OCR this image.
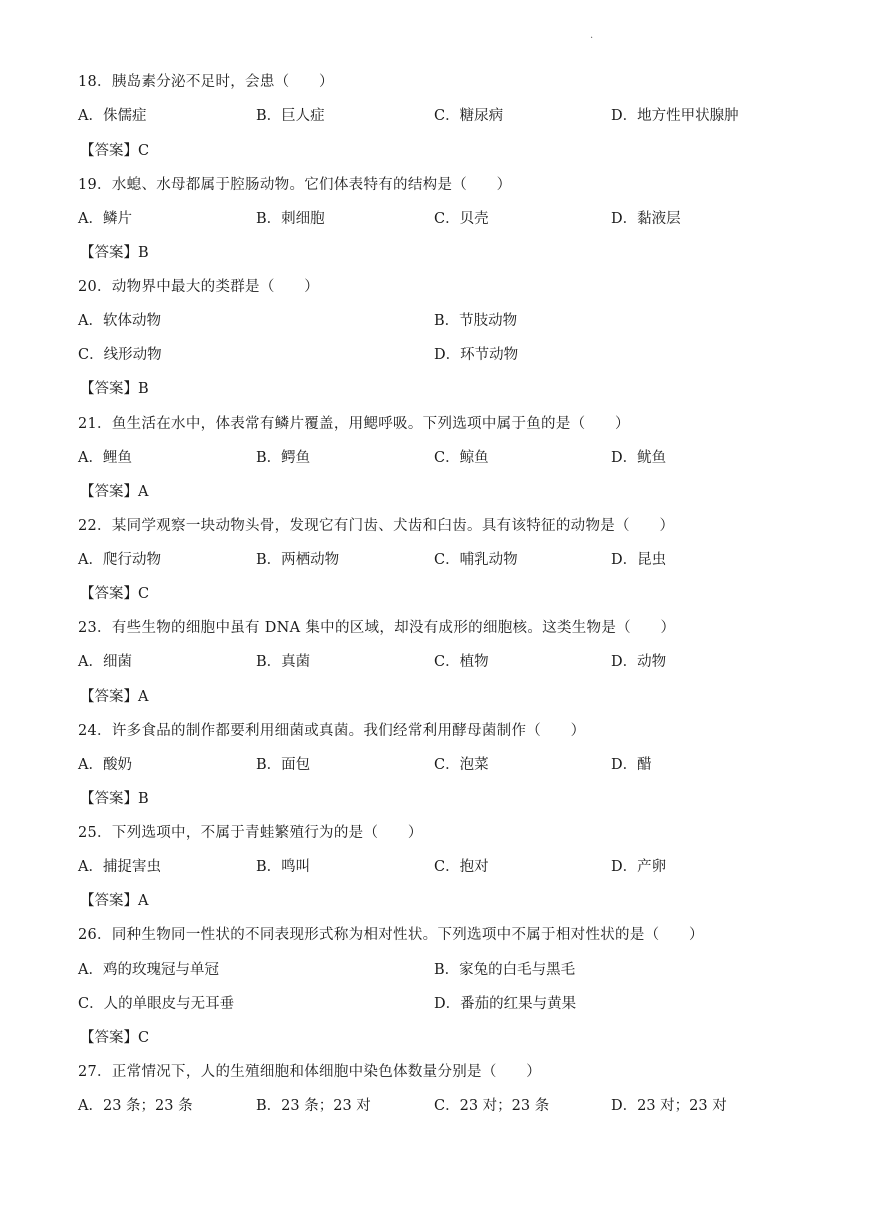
.
18．胰岛素分泌不足时，会患（　　）
A．侏儒症	B．巨人症	C．糖尿病	D．地方性甲状腺肿
【答案】C
19．水螅、水母都属于腔肠动物。它们体表特有的结构是（　　）
A．鳞片	B．刺细胞	C．贝壳	D．黏液层
【答案】B
20．动物界中最大的类群是（　　）
A．软体动物	B．节肢动物
C．线形动物	D．环节动物
【答案】B
21．鱼生活在水中，体表常有鳞片覆盖，用鳃呼吸。下列选项中属于鱼的是（　　）
A．鲤鱼	B．鳄鱼	C．鲸鱼	D．鱿鱼
【答案】A
22．某同学观察一块动物头骨，发现它有门齿、犬齿和臼齿。具有该特征的动物是（　　）
A．爬行动物	B．两栖动物	C．哺乳动物	D．昆虫
【答案】C
23．有些生物的细胞中虽有 DNA 集中的区域，却没有成形的细胞核。这类生物是（　　）
A．细菌	B．真菌	C．植物	D．动物
【答案】A
24．许多食品的制作都要利用细菌或真菌。我们经常利用酵母菌制作（　　）
A．酸奶	B．面包	C．泡菜	D．醋
【答案】B
25．下列选项中，不属于青蛙繁殖行为的是（　　）
A．捕捉害虫	B．鸣叫	C．抱对	D．产卵
【答案】A
26．同种生物同一性状的不同表现形式称为相对性状。下列选项中不属于相对性状的是（　　）
A．鸡的玫瑰冠与单冠	B．家兔的白毛与黑毛
C．人的单眼皮与无耳垂	D．番茄的红果与黄果
【答案】C
27．正常情况下，人的生殖细胞和体细胞中染色体数量分别是（　　）
A．23 条；23 条	B．23 条；23 对	C．23 对；23 条	D．23 对；23 对
